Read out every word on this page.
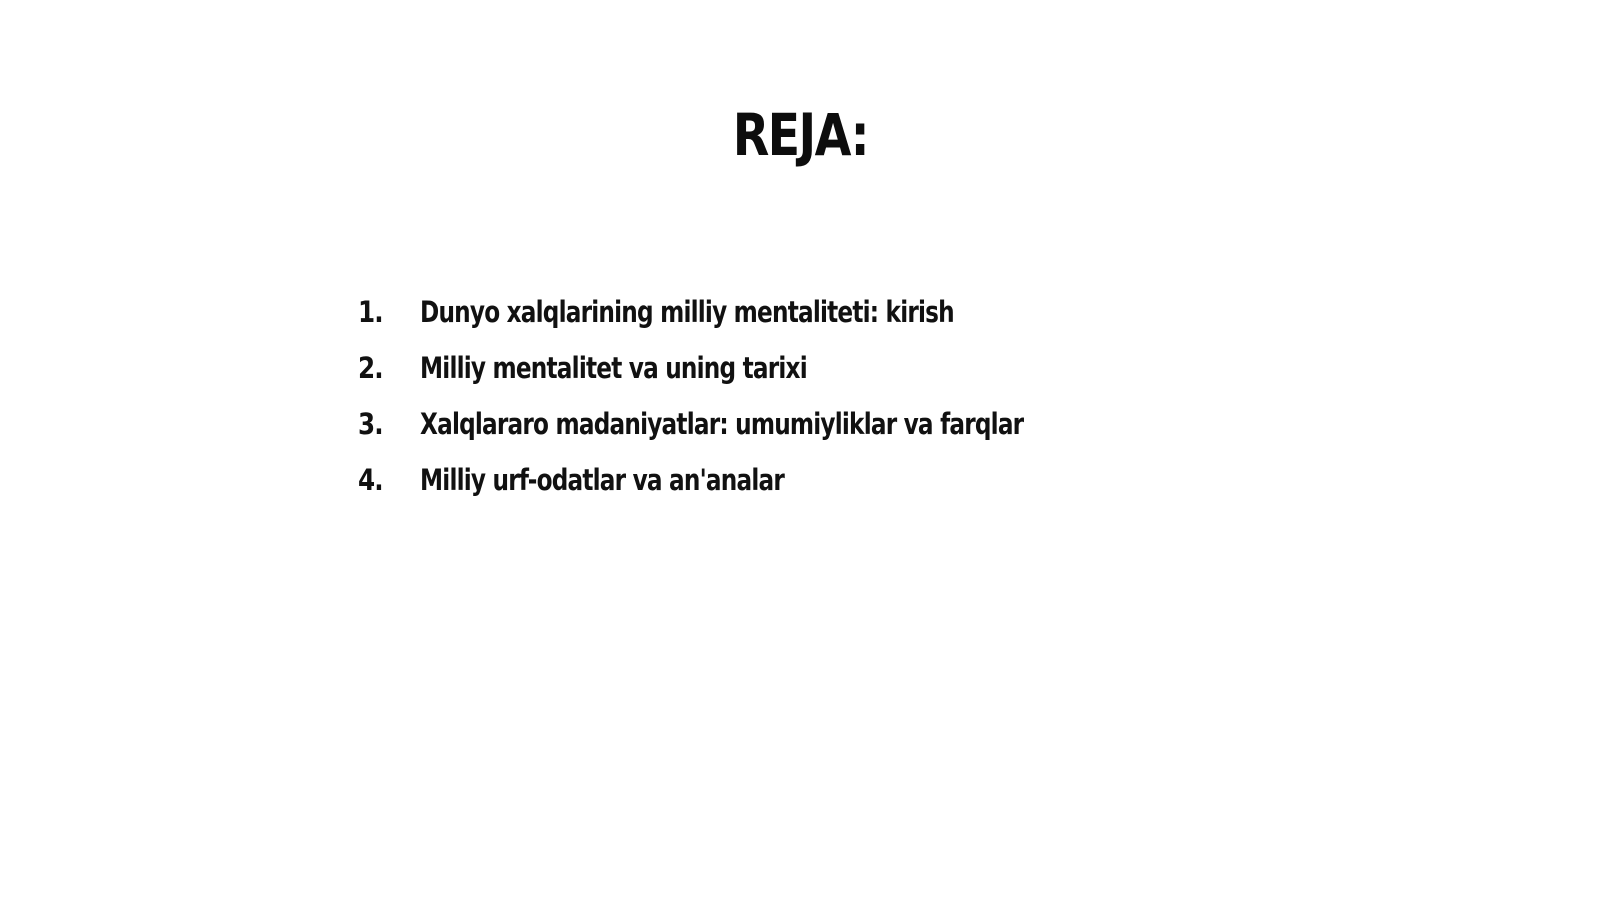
REJA:
1.	Dunyo xalqlarining milliy mentaliteti: kirish
2.	Milliy mentalitet va uning tarixi
3.	Xalqlararo madaniyatlar: umumiyliklar va farqlar
4.	Milliy urf-odatlar va an'analar
